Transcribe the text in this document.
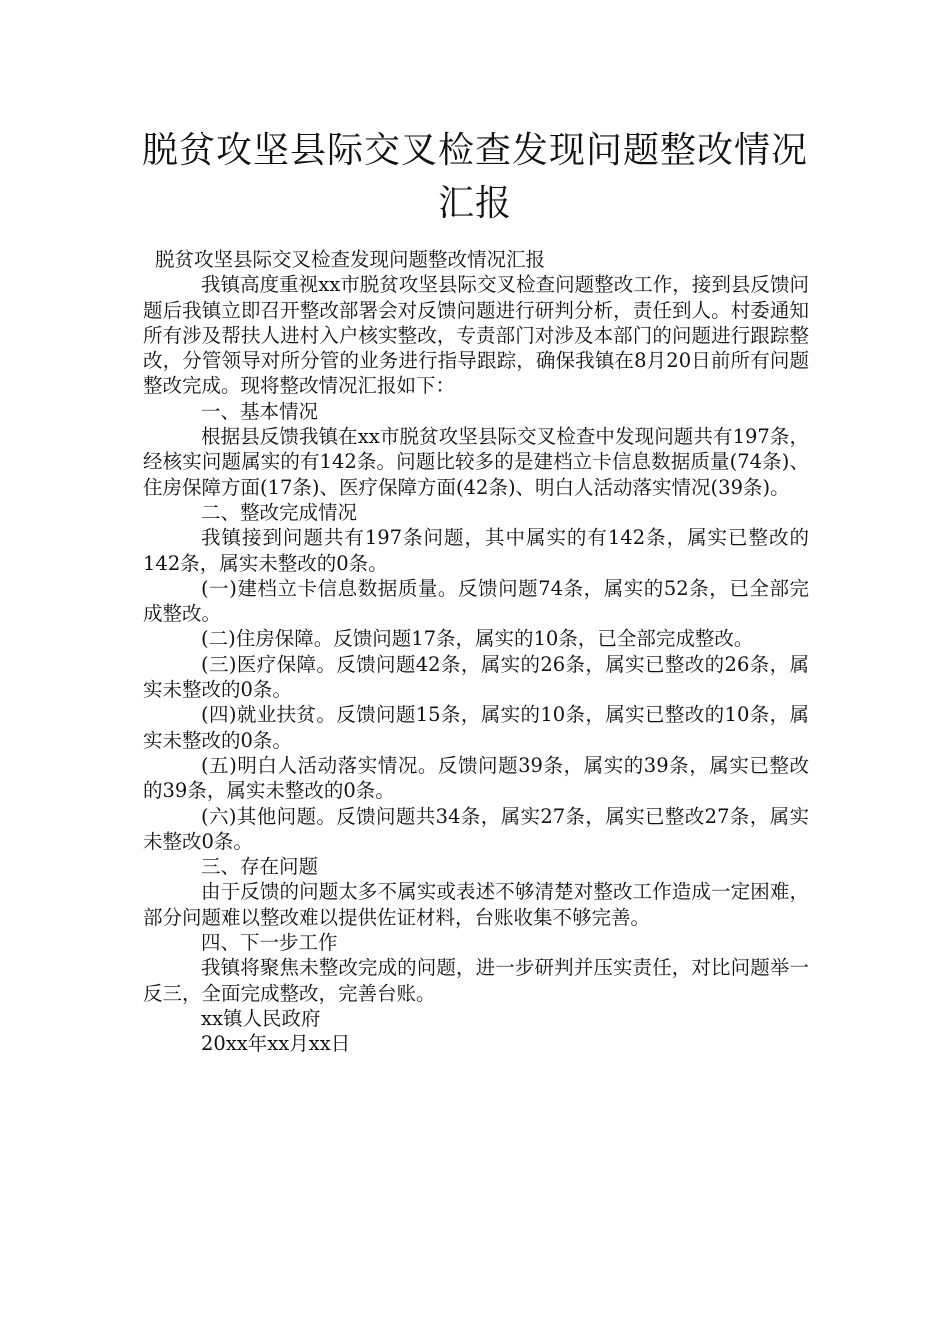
脱贫攻坚县际交叉检查发现问题整改情况汇报

脱贫攻坚县际交叉检查发现问题整改情况汇报

我镇高度重视xx市脱贫攻坚县际交叉检查问题整改工作，接到县反馈问题后我镇立即召开整改部署会对反馈问题进行研判分析，责任到人。村委通知所有涉及帮扶人进村入户核实整改，专责部门对涉及本部门的问题进行跟踪整改，分管领导对所分管的业务进行指导跟踪，确保我镇在8月20日前所有问题整改完成。现将整改情况汇报如下：

一、基本情况

根据县反馈我镇在xx市脱贫攻坚县际交叉检查中发现问题共有197条，经核实问题属实的有142条。问题比较多的是建档立卡信息数据质量(74条)、住房保障方面(17条)、医疗保障方面(42条)、明白人活动落实情况(39条)。

二、整改完成情况

我镇接到问题共有197条问题，其中属实的有142条，属实已整改的142条，属实未整改的0条。

(一)建档立卡信息数据质量。反馈问题74条，属实的52条，已全部完成整改。

(二)住房保障。反馈问题17条，属实的10条，已全部完成整改。

(三)医疗保障。反馈问题42条，属实的26条，属实已整改的26条，属实未整改的0条。

(四)就业扶贫。反馈问题15条，属实的10条，属实已整改的10条，属实未整改的0条。

(五)明白人活动落实情况。反馈问题39条，属实的39条，属实已整改的39条，属实未整改的0条。

(六)其他问题。反馈问题共34条，属实27条，属实已整改27条，属实未整改0条。

三、存在问题

由于反馈的问题太多不属实或表述不够清楚对整改工作造成一定困难，部分问题难以整改难以提供佐证材料，台账收集不够完善。

四、下一步工作

我镇将聚焦未整改完成的问题，进一步研判并压实责任，对比问题举一反三，全面完成整改，完善台账。

xx镇人民政府

20xx年xx月xx日
